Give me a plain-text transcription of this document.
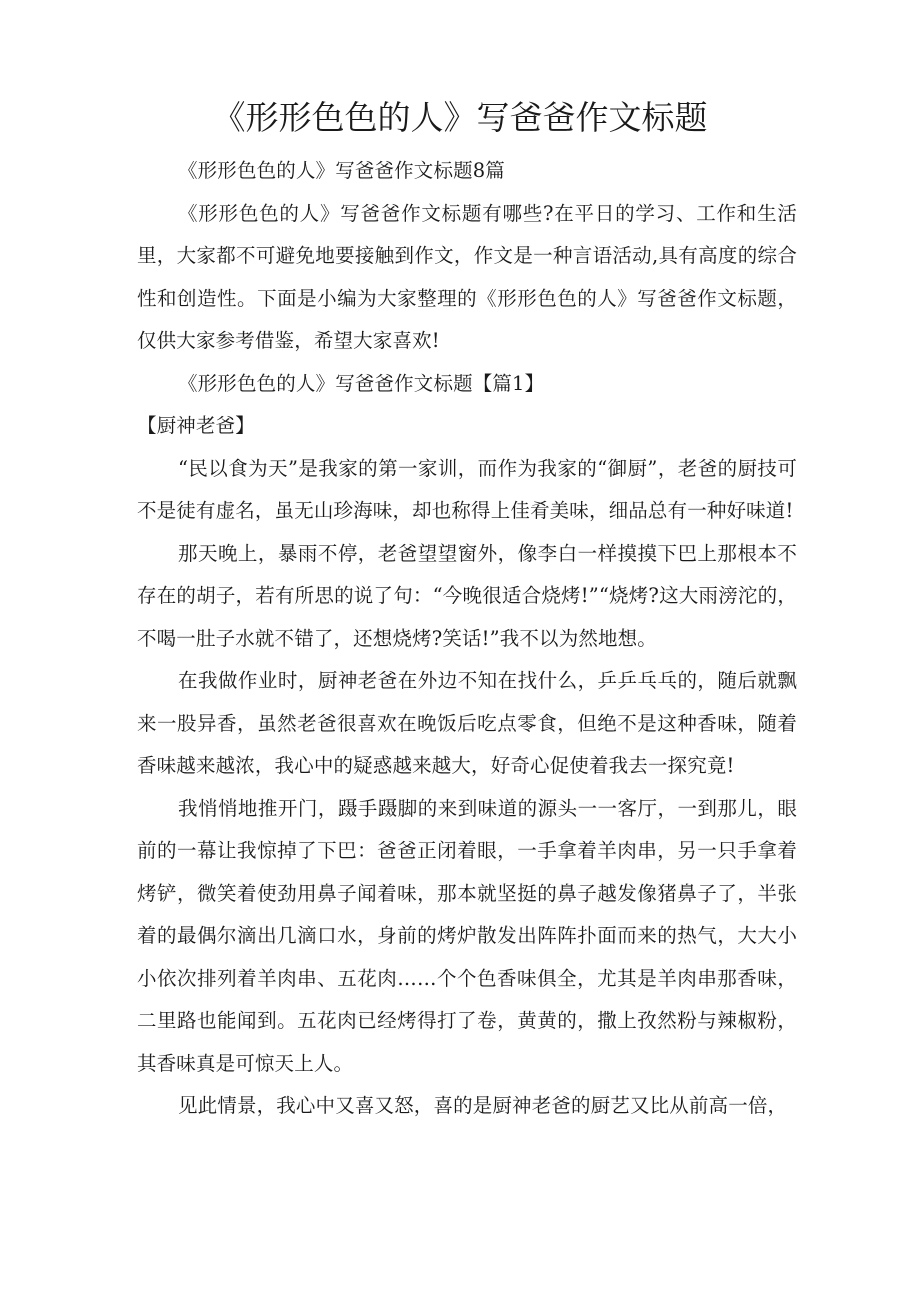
《形形色色的人》写爸爸作文标题

《形形色色的人》写爸爸作文标题8篇

《形形色色的人》写爸爸作文标题有哪些?在平日的学习、工作和生活里，大家都不可避免地要接触到作文，作文是一种言语活动,具有高度的综合性和创造性。下面是小编为大家整理的《形形色色的人》写爸爸作文标题，仅供大家参考借鉴，希望大家喜欢!

《形形色色的人》写爸爸作文标题【篇1】

【厨神老爸】

“民以食为天”是我家的第一家训，而作为我家的“御厨”，老爸的厨技可不是徒有虚名，虽无山珍海味，却也称得上佳肴美味，细品总有一种好味道!

那天晚上，暴雨不停，老爸望望窗外，像李白一样摸摸下巴上那根本不存在的胡子，若有所思的说了句：“今晚很适合烧烤!”“烧烤?这大雨滂沱的，不喝一肚子水就不错了，还想烧烤?笑话!”我不以为然地想。

在我做作业时，厨神老爸在外边不知在找什么，乒乒乓乓的，随后就飘来一股异香，虽然老爸很喜欢在晚饭后吃点零食，但绝不是这种香味，随着香味越来越浓，我心中的疑惑越来越大，好奇心促使着我去一探究竟!

我悄悄地推开门，蹑手蹑脚的来到味道的源头一一客厅，一到那儿，眼前的一幕让我惊掉了下巴：爸爸正闭着眼，一手拿着羊肉串，另一只手拿着烤铲，微笑着使劲用鼻子闻着味，那本就坚挺的鼻子越发像猪鼻子了，半张着的最偶尔滴出几滴口水，身前的烤炉散发出阵阵扑面而来的热气，大大小小依次排列着羊肉串、五花肉……个个色香味俱全，尤其是羊肉串那香味，二里路也能闻到。五花肉已经烤得打了卷，黄黄的，撒上孜然粉与辣椒粉，其香味真是可惊天上人。

见此情景，我心中又喜又怒，喜的是厨神老爸的厨艺又比从前高一倍，
